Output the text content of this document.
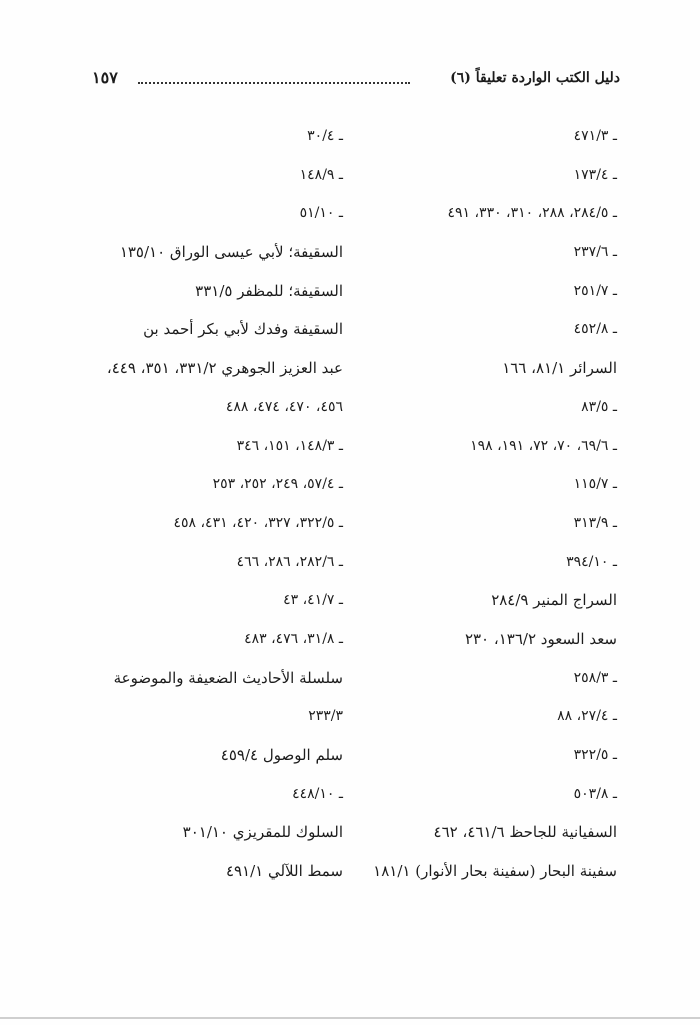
دليل الكتب الواردة تعليقاً (٦)
١٥٧
ـ ٤٧١/٣
ـ ١٧٣/٤
ـ ٢٨٤/٥، ٢٨٨، ٣١٠، ٣٣٠، ٤٩١
ـ ٢٣٧/٦
ـ ٢٥١/٧
ـ ٤٥٢/٨
السرائر ٨١/١، ١٦٦
ـ ٨٣/٥
ـ ٦٩/٦، ٧٠، ٧٢، ١٩١، ١٩٨
ـ ١١٥/٧
ـ ٣١٣/٩
ـ ٣٩٤/١٠
السراج المنير ٢٨٤/٩
سعد السعود ١٣٦/٢، ٢٣٠
ـ ٢٥٨/٣
ـ ٢٧/٤، ٨٨
ـ ٣٢٢/٥
ـ ٥٠٣/٨
السفيانية للجاحظ ٤٦١/٦، ٤٦٢
سفينة البحار (سفينة بحار الأنوار) ١٨١/١
ـ ٣٠/٤
ـ ١٤٨/٩
ـ ٥١/١٠
السقيفة؛ لأبي عيسى الوراق ١٣٥/١٠
السقيفة؛ للمظفر ٣٣١/٥
السقيفة وفدك لأبي بكر أحمد بن
عبد العزيز الجوهري ٣٣١/٢، ٣٥١، ٤٤٩،
٤٥٦، ٤٧٠، ٤٧٤، ٤٨٨
ـ ١٤٨/٣، ١٥١، ٣٤٦
ـ ٥٧/٤، ٢٤٩، ٢٥٢، ٢٥٣
ـ ٣٢٢/٥، ٣٢٧، ٤٢٠، ٤٣١، ٤٥٨
ـ ٢٨٢/٦، ٢٨٦، ٤٦٦
ـ ٤١/٧، ٤٣
ـ ٣١/٨، ٤٧٦، ٤٨٣
سلسلة الأحاديث الضعيفة والموضوعة
٢٣٣/٣
سلم الوصول ٤٥٩/٤
ـ ٤٤٨/١٠
السلوك للمقريزي ٣٠١/١٠
سمط اللآلي ٤٩١/١
